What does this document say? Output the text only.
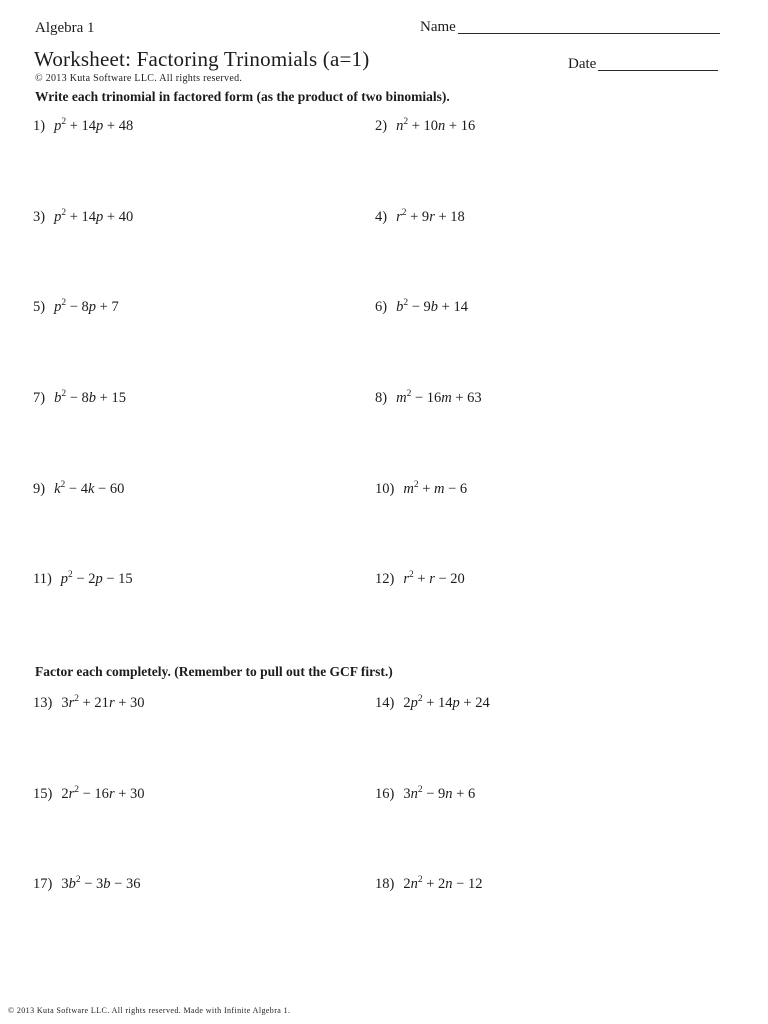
Algebra 1	Name
Worksheet: Factoring Trinomials (a=1)
© 2013 Kuta Software LLC. All rights reserved.
Date
Write each trinomial in factored form (as the product of two binomials).
1) $p^2 + 14p + 48$	2) $n^2 + 10n + 16$
3) $p^2 + 14p + 40$	4) $r^2 + 9r + 18$
5) $p^2 - 8p + 7$	6) $b^2 - 9b + 14$
7) $b^2 - 8b + 15$	8) $m^2 - 16m + 63$
9) $k^2 - 4k - 60$	10) $m^2 + m - 6$
11) $p^2 - 2p - 15$	12) $r^2 + r - 20$
Factor each completely. (Remember to pull out the GCF first.)
13) $3r^2 + 21r + 30$	14) $2p^2 + 14p + 24$
15) $2r^2 - 16r + 30$	16) $3n^2 - 9n + 6$
17) $3b^2 - 3b - 36$	18) $2n^2 + 2n - 12$
© 2013 Kuta Software LLC. All rights reserved. Made with Infinite Algebra 1.
